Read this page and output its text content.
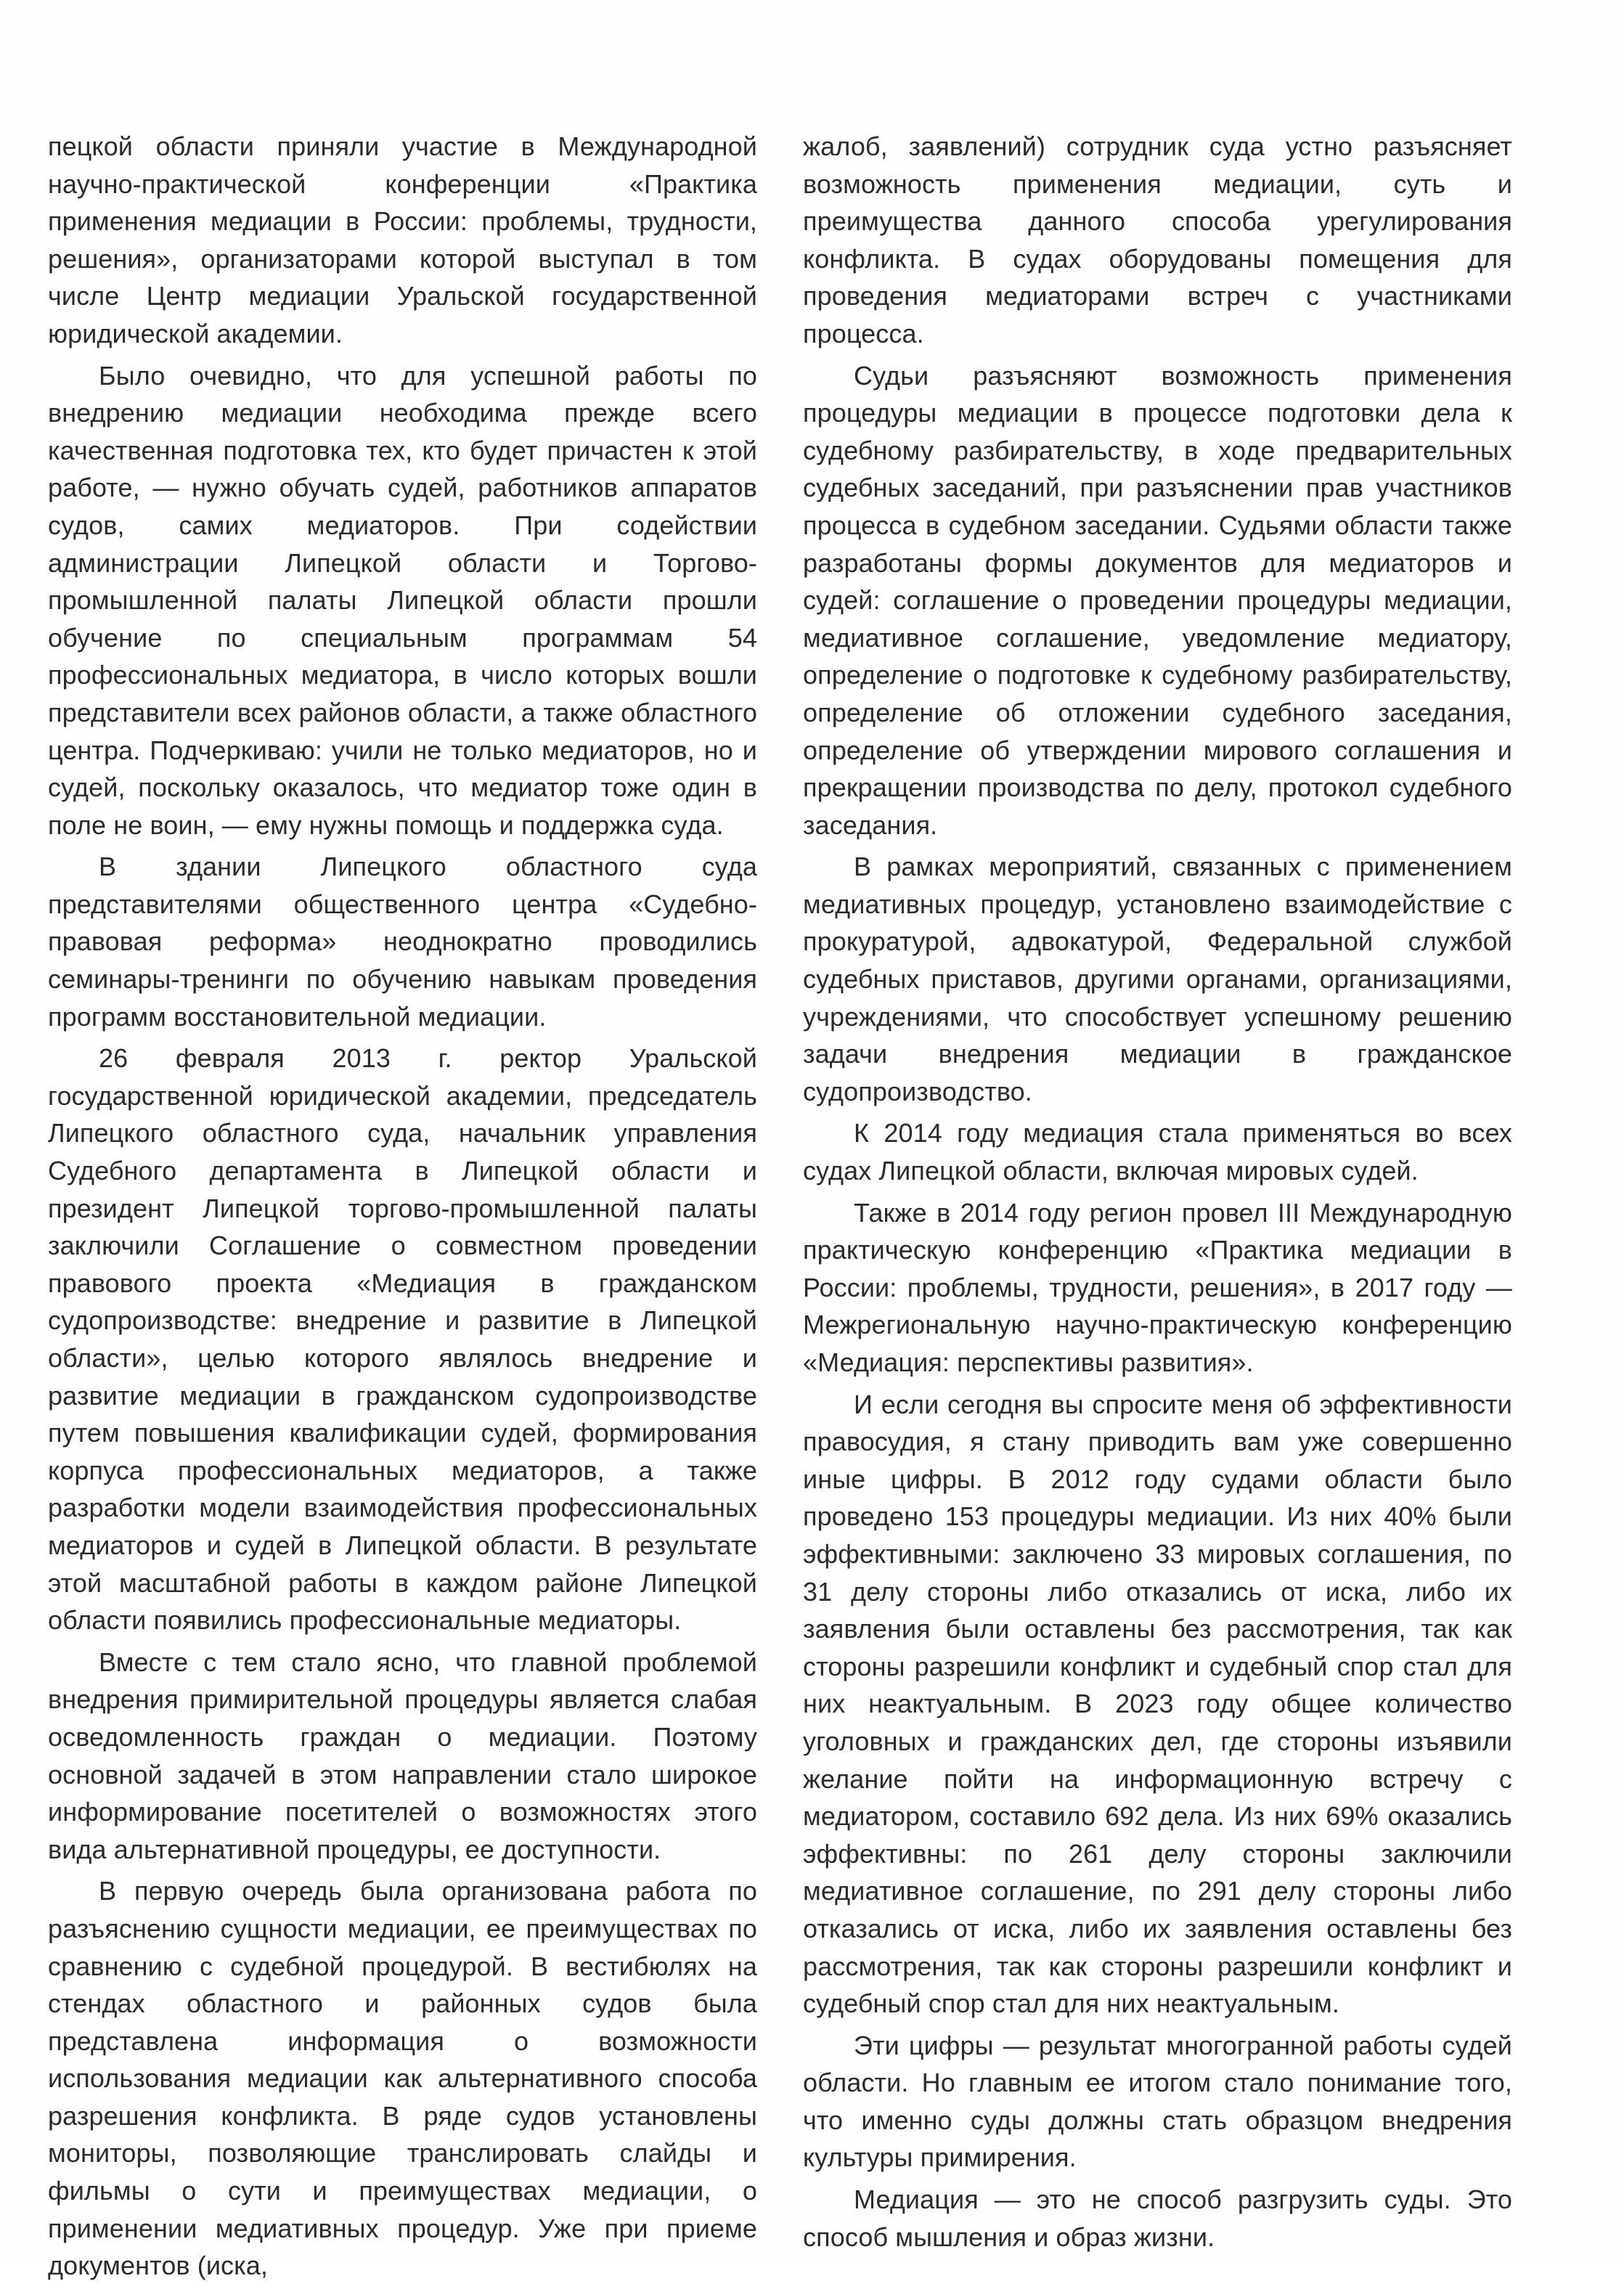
пецкой области приняли участие в Международной научно-практической конференции «Практика применения медиации в России: проблемы, трудности, решения», организаторами которой выступал в том числе Центр медиации Уральской государственной юридической академии.

Было очевидно, что для успешной работы по внедрению медиации необходима прежде всего качественная подготовка тех, кто будет причастен к этой работе, — нужно обучать судей, работников аппаратов судов, самих медиаторов. При содействии администрации Липецкой области и Торгово-промышленной палаты Липецкой области прошли обучение по специальным программам 54 профессиональных медиатора, в число которых вошли представители всех районов области, а также областного центра. Подчеркиваю: учили не только медиаторов, но и судей, поскольку оказалось, что медиатор тоже один в поле не воин, — ему нужны помощь и поддержка суда.

В здании Липецкого областного суда представителями общественного центра «Судебно-правовая реформа» неоднократно проводились семинары-тренинги по обучению навыкам проведения программ восстановительной медиации.

26 февраля 2013 г. ректор Уральской государственной юридической академии, председатель Липецкого областного суда, начальник управления Судебного департамента в Липецкой области и президент Липецкой торгово-промышленной палаты заключили Соглашение о совместном проведении правового проекта «Медиация в гражданском судопроизводстве: внедрение и развитие в Липецкой области», целью которого являлось внедрение и развитие медиации в гражданском судопроизводстве путем повышения квалификации судей, формирования корпуса профессиональных медиаторов, а также разработки модели взаимодействия профессиональных медиаторов и судей в Липецкой области. В результате этой масштабной работы в каждом районе Липецкой области появились профессиональные медиаторы.

Вместе с тем стало ясно, что главной проблемой внедрения примирительной процедуры является слабая осведомленность граждан о медиации. Поэтому основной задачей в этом направлении стало широкое информирование посетителей о возможностях этого вида альтернативной процедуры, ее доступности.

В первую очередь была организована работа по разъяснению сущности медиации, ее преимуществах по сравнению с судебной процедурой. В вестибюлях на стендах областного и районных судов была представлена информация о возможности использования медиации как альтернативного способа разрешения конфликта. В ряде судов установлены мониторы, позволяющие транслировать слайды и фильмы о сути и преимуществах медиации, о применении медиативных процедур. Уже при приеме документов (иска,

жалоб, заявлений) сотрудник суда устно разъясняет возможность применения медиации, суть и преимущества данного способа урегулирования конфликта. В судах оборудованы помещения для проведения медиаторами встреч с участниками процесса.

Судьи разъясняют возможность применения процедуры медиации в процессе подготовки дела к судебному разбирательству, в ходе предварительных судебных заседаний, при разъяснении прав участников процесса в судебном заседании. Судьями области также разработаны формы документов для медиаторов и судей: соглашение о проведении процедуры медиации, медиативное соглашение, уведомление медиатору, определение о подготовке к судебному разбирательству, определение об отложении судебного заседания, определение об утверждении мирового соглашения и прекращении производства по делу, протокол судебного заседания.

В рамках мероприятий, связанных с применением медиативных процедур, установлено взаимодействие с прокуратурой, адвокатурой, Федеральной службой судебных приставов, другими органами, организациями, учреждениями, что способствует успешному решению задачи внедрения медиации в гражданское судопроизводство.

К 2014 году медиация стала применяться во всех судах Липецкой области, включая мировых судей.

Также в 2014 году регион провел III Международную практическую конференцию «Практика медиации в России: проблемы, трудности, решения», в 2017 году — Межрегиональную научно-практическую конференцию «Медиация: перспективы развития».

И если сегодня вы спросите меня об эффективности правосудия, я стану приводить вам уже совершенно иные цифры. В 2012 году судами области было проведено 153 процедуры медиации. Из них 40% были эффективными: заключено 33 мировых соглашения, по 31 делу стороны либо отказались от иска, либо их заявления были оставлены без рассмотрения, так как стороны разрешили конфликт и судебный спор стал для них неактуальным. В 2023 году общее количество уголовных и гражданских дел, где стороны изъявили желание пойти на информационную встречу с медиатором, составило 692 дела. Из них 69% оказались эффективны: по 261 делу стороны заключили медиативное соглашение, по 291 делу стороны либо отказались от иска, либо их заявления оставлены без рассмотрения, так как стороны разрешили конфликт и судебный спор стал для них неактуальным.

Эти цифры — результат многогранной работы судей области. Но главным ее итогом стало понимание того, что именно суды должны стать образцом внедрения культуры примирения.

Медиация — это не способ разгрузить суды. Это способ мышления и образ жизни.
